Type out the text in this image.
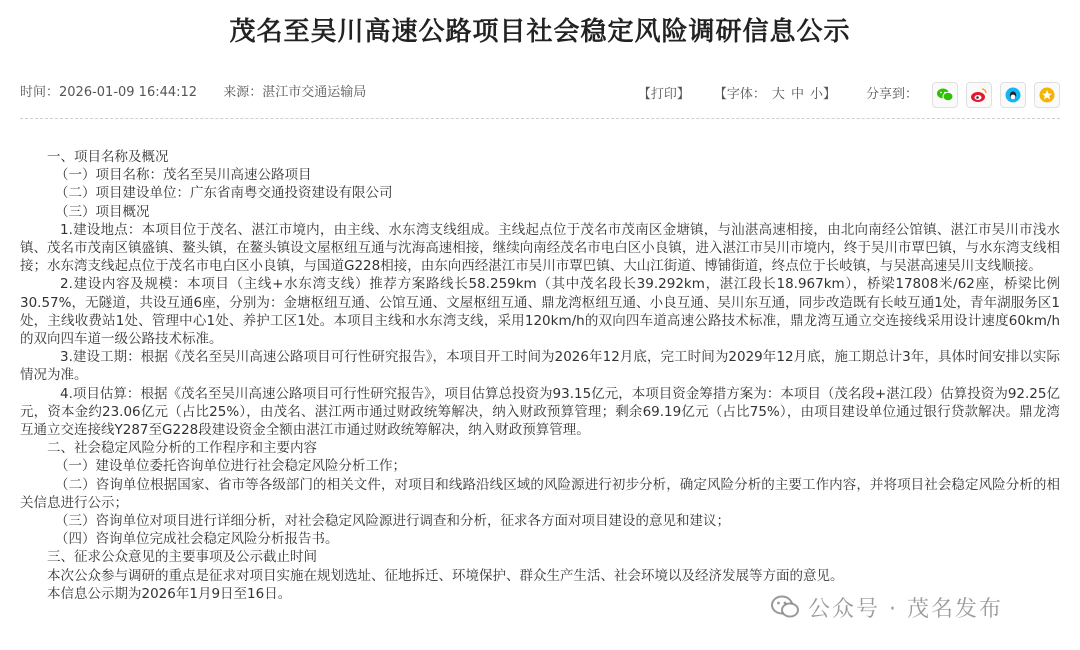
茂名至吴川高速公路项目社会稳定风险调研信息公示
时间：2026-01-09 16:44:12 来源：湛江市交通运输局	【打印】 【字体： 大 中 小 】 分享到：

一、项目名称及概况

（一）项目名称：茂名至吴川高速公路项目

（二）项目建设单位：广东省南粤交通投资建设有限公司

（三）项目概况

1.建设地点：本项目位于茂名、湛江市境内，由主线、水东湾支线组成。主线起点位于茂名市茂南区金塘镇，与汕湛高速相接，由北向南经公馆镇、湛江市吴川市浅水镇、茂名市茂南区镇盛镇、鳌头镇，在鳌头镇设文屋枢纽互通与沈海高速相接，继续向南经茂名市电白区小良镇，进入湛江市吴川市境内，终于吴川市覃巴镇，与水东湾支线相接；水东湾支线起点位于茂名市电白区小良镇，与国道G228相接，由东向西经湛江市吴川市覃巴镇、大山江街道、博铺街道，终点位于长岐镇，与吴湛高速吴川支线顺接。

2.建设内容及规模：本项目（主线+水东湾支线）推荐方案路线长58.259km（其中茂名段长39.292km，湛江段长18.967km），桥梁17808米/62座，桥梁比例30.57%，无隧道，共设互通6座，分别为：金塘枢纽互通、公馆互通、文屋枢纽互通、鼎龙湾枢纽互通、小良互通、吴川东互通，同步改造既有长岐互通1处，青年湖服务区1处，主线收费站1处、管理中心1处、养护工区1处。本项目主线和水东湾支线，采用120km/h的双向四车道高速公路技术标准，鼎龙湾互通立交连接线采用设计速度60km/h的双向四车道一级公路技术标准。

3.建设工期：根据《茂名至吴川高速公路项目可行性研究报告》，本项目开工时间为2026年12月底，完工时间为2029年12月底，施工期总计3年，具体时间安排以实际情况为准。

4.项目估算：根据《茂名至吴川高速公路项目可行性研究报告》，项目估算总投资为93.15亿元，本项目资金筹措方案为：本项目（茂名段+湛江段）估算投资为92.25亿元，资本金约23.06亿元（占比25%），由茂名、湛江两市通过财政统筹解决，纳入财政预算管理；剩余69.19亿元（占比75%），由项目建设单位通过银行贷款解决。鼎龙湾互通立交连接线Y287至G228段建设资金全额由湛江市通过财政统筹解决，纳入财政预算管理。

二、社会稳定风险分析的工作程序和主要内容

（一）建设单位委托咨询单位进行社会稳定风险分析工作；

（二）咨询单位根据国家、省市等各级部门的相关文件，对项目和线路沿线区域的风险源进行初步分析，确定风险分析的主要工作内容，并将项目社会稳定风险分析的相关信息进行公示；

（三）咨询单位对项目进行详细分析，对社会稳定风险源进行调查和分析，征求各方面对项目建设的意见和建议；

（四）咨询单位完成社会稳定风险分析报告书。

三、征求公众意见的主要事项及公示截止时间

本次公众参与调研的重点是征求对项目实施在规划选址、征地拆迁、环境保护、群众生产生活、社会环境以及经济发展等方面的意见。

本信息公示期为2026年1月9日至16日。

公众号 · 茂名发布
